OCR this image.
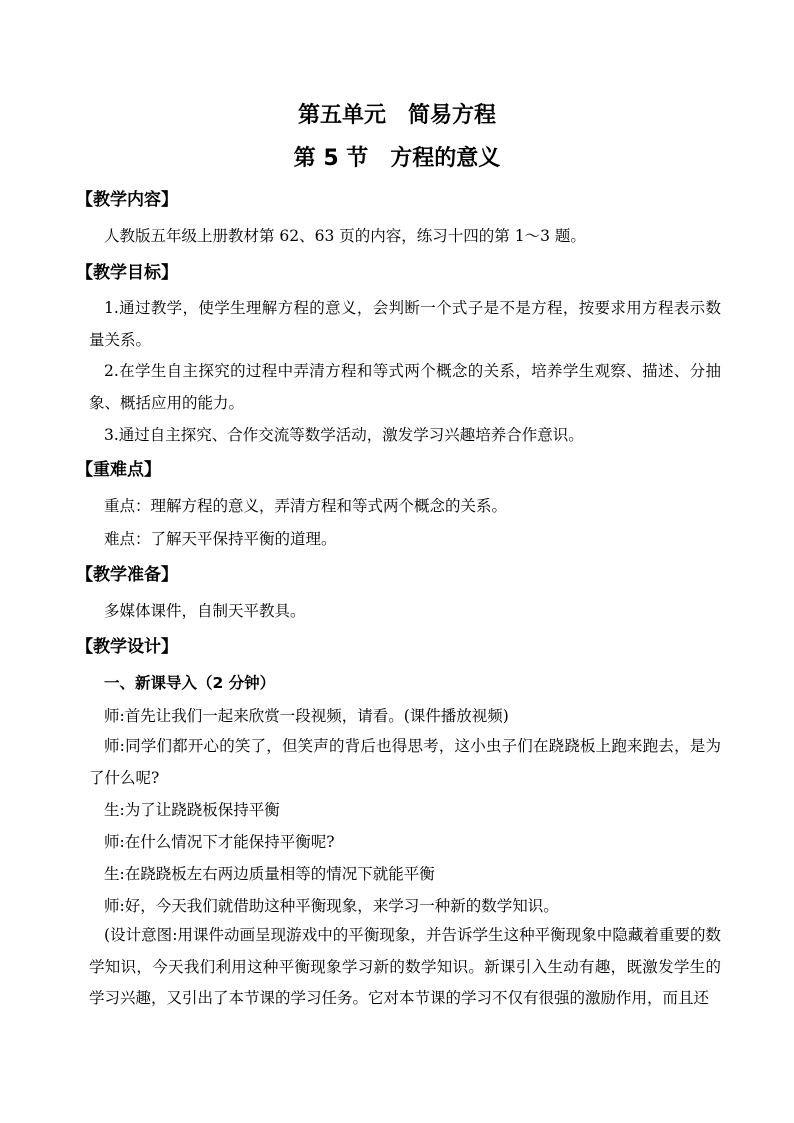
第五单元　简易方程
第 5 节　方程的意义
【教学内容】
人教版五年级上册教材第 62、63 页的内容，练习十四的第 1～3 题。
【教学目标】

1.通过教学，使学生理解方程的意义，会判断一个式子是不是方程，按要求用方程表示数量关系。

2.在学生自主探究的过程中弄清方程和等式两个概念的关系，培养学生观察、描述、分抽象、概括应用的能力。

3.通过自主探究、合作交流等数学活动，激发学习兴趣培养合作意识。
【重难点】
重点：理解方程的意义，弄清方程和等式两个概念的关系。
难点：了解天平保持平衡的道理。
【教学准备】
多媒体课件，自制天平教具。
【教学设计】
一、新课导入（2 分钟）
师:首先让我们一起来欣赏一段视频，请看。(课件播放视频)

师:同学们都开心的笑了，但笑声的背后也得思考，这小虫子们在跷跷板上跑来跑去，是为了什么呢?

生:为了让跷跷板保持平衡
师:在什么情况下才能保持平衡呢?
生:在跷跷板左右两边质量相等的情况下就能平衡
师:好，今天我们就借助这种平衡现象，来学习一种新的数学知识。

(设计意图:用课件动画呈现游戏中的平衡现象，并告诉学生这种平衡现象中隐藏着重要的数学知识，今天我们利用这种平衡现象学习新的数学知识。新课引入生动有趣，既激发学生的学习兴趣，又引出了本节课的学习任务。它对本节课的学习不仅有很强的激励作用，而且还
